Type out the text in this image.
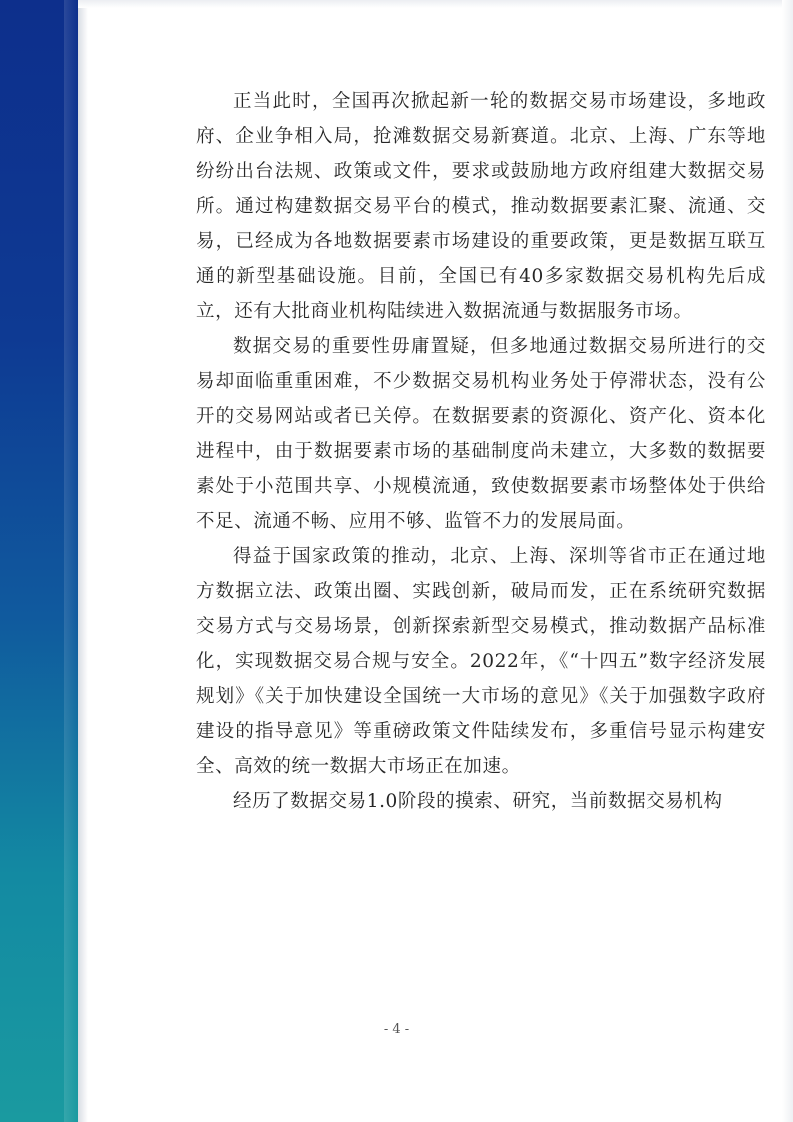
正当此时，全国再次掀起新一轮的数据交易市场建设，多地政府、企业争相入局，抢滩数据交易新赛道。北京、上海、广东等地纷纷出台法规、政策或文件，要求或鼓励地方政府组建大数据交易所。通过构建数据交易平台的模式，推动数据要素汇聚、流通、交易，已经成为各地数据要素市场建设的重要政策，更是数据互联互通的新型基础设施。目前，全国已有40多家数据交易机构先后成立，还有大批商业机构陆续进入数据流通与数据服务市场。

数据交易的重要性毋庸置疑，但多地通过数据交易所进行的交易却面临重重困难，不少数据交易机构业务处于停滞状态，没有公开的交易网站或者已关停。在数据要素的资源化、资产化、资本化进程中，由于数据要素市场的基础制度尚未建立，大多数的数据要素处于小范围共享、小规模流通，致使数据要素市场整体处于供给不足、流通不畅、应用不够、监管不力的发展局面。

得益于国家政策的推动，北京、上海、深圳等省市正在通过地方数据立法、政策出圈、实践创新，破局而发，正在系统研究数据交易方式与交易场景，创新探索新型交易模式，推动数据产品标准化，实现数据交易合规与安全。2022年，《“十四五”数字经济发展规划》《关于加快建设全国统一大市场的意见》《关于加强数字政府建设的指导意见》等重磅政策文件陆续发布，多重信号显示构建安全、高效的统一数据大市场正在加速。

经历了数据交易1.0阶段的摸索、研究，当前数据交易机构

- 4 -
